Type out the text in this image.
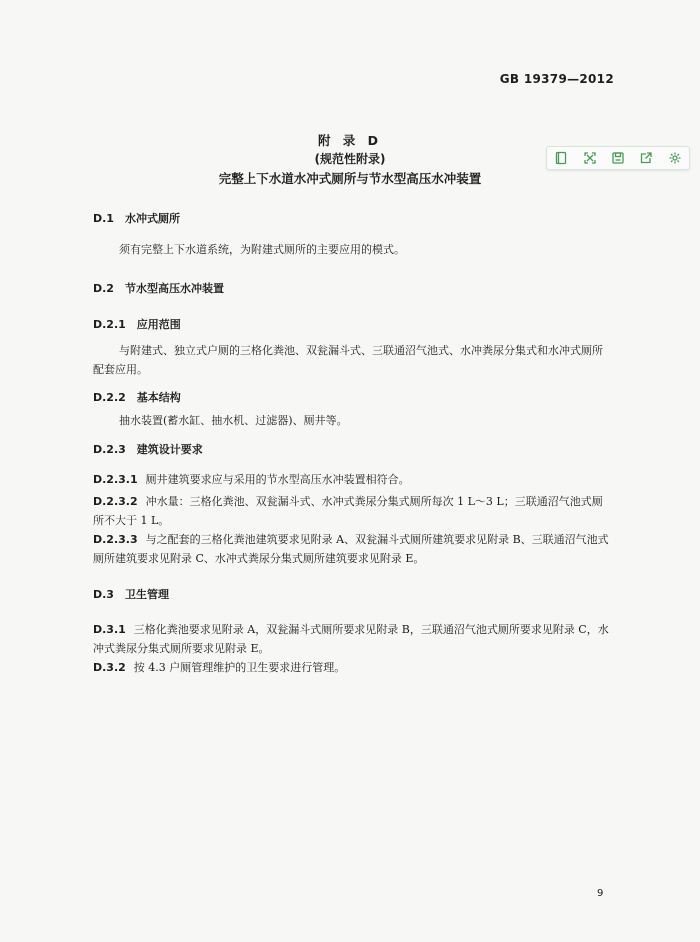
GB 19379—2012
附 录 D
(规范性附录)
完整上下水道水冲式厕所与节水型高压水冲装置
D.1 水冲式厕所
须有完整上下水道系统，为附建式厕所的主要应用的模式。
D.2 节水型高压水冲装置
D.2.1 应用范围
与附建式、独立式户厕的三格化粪池、双瓮漏斗式、三联通沼气池式、水冲粪尿分集式和水冲式厕所配套应用。
D.2.2 基本结构
抽水装置(蓄水缸、抽水机、过滤器)、厕井等。
D.2.3 建筑设计要求
D.2.3.1 厕井建筑要求应与采用的节水型高压水冲装置相符合。
D.2.3.2 冲水量：三格化粪池、双瓮漏斗式、水冲式粪尿分集式厕所每次 1 L～3 L；三联通沼气池式厕所不大于 1 L。
D.2.3.3 与之配套的三格化粪池建筑要求见附录 A、双瓮漏斗式厕所建筑要求见附录 B、三联通沼气池式厕所建筑要求见附录 C、水冲式粪尿分集式厕所建筑要求见附录 E。
D.3 卫生管理
D.3.1 三格化粪池要求见附录 A，双瓮漏斗式厕所要求见附录 B，三联通沼气池式厕所要求见附录 C，水冲式粪尿分集式厕所要求见附录 E。
D.3.2 按 4.3 户厕管理维护的卫生要求进行管理。
9
